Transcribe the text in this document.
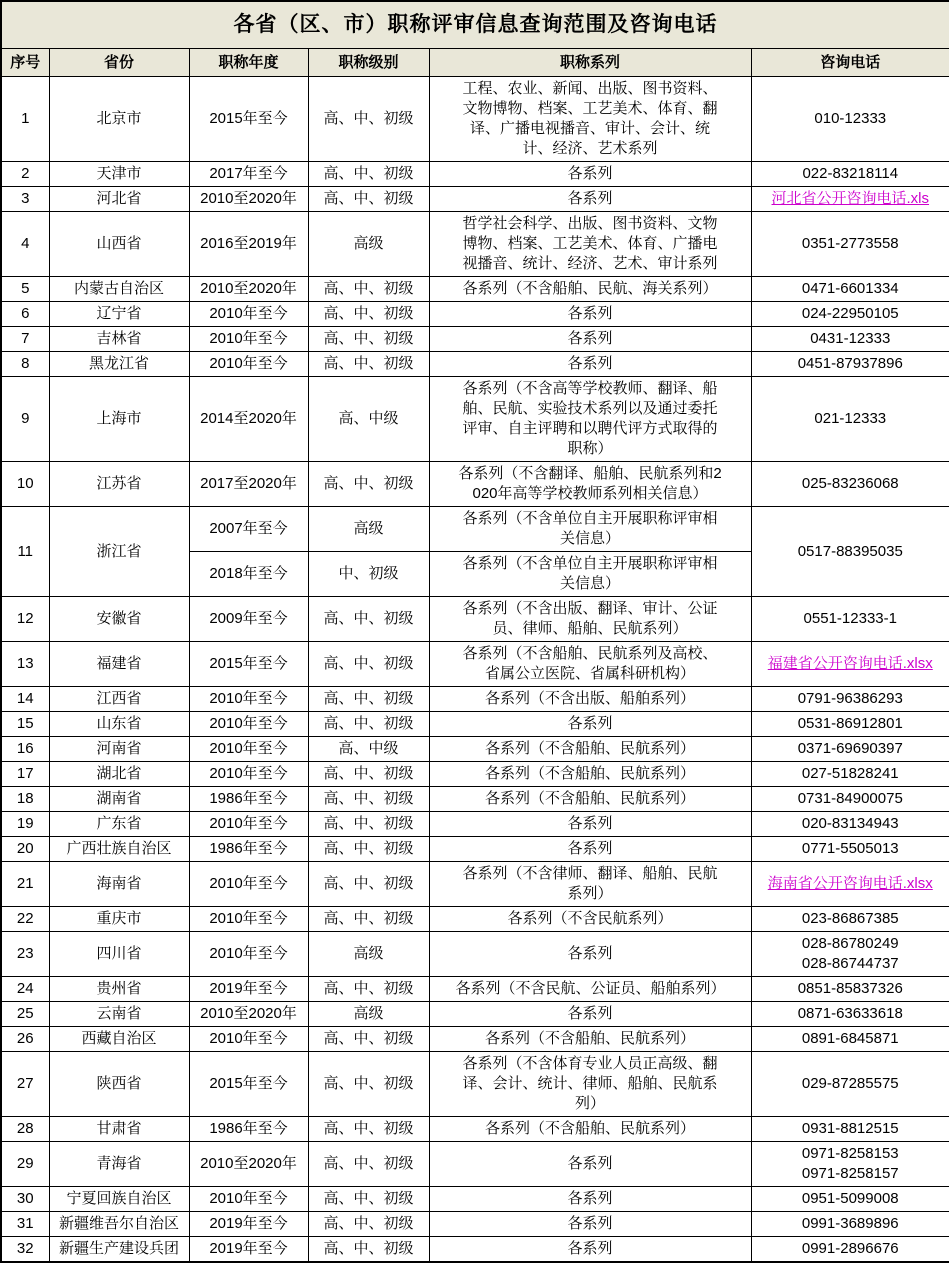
各省（区、市）职称评审信息查询范围及咨询电话					
序号	省份	职称年度	职称级别	职称系列	咨询电话
1	北京市	2015年至今	高、中、初级	工程、农业、新闻、出版、图书资料、文物博物、档案、工艺美术、体育、翻译、广播电视播音、审计、会计、统计、经济、艺术系列	010-12333

2	天津市	2017年至今	高、中、初级	各系列	022-83218114

3	河北省	2010至2020年	高、中、初级	各系列	河北省公开咨询电话.xls
4	山西省	2016至2019年	高级	哲学社会科学、出版、图书资料、文物博物、档案、工艺美术、体育、广播电视播音、统计、经济、艺术、审计系列	0351-2773558

5	内蒙古自治区	2010至2020年	高、中、初级	各系列（不含船舶、民航、海关系列）	0471-6601334

6	辽宁省	2010年至今	高、中、初级	各系列	024-22950105

7	吉林省	2010年至今	高、中、初级	各系列	0431-12333

8	黑龙江省	2010年至今	高、中、初级	各系列	0451-87937896

9	上海市	2014至2020年	高、中级	各系列（不含高等学校教师、翻译、船舶、民航、实验技术系列以及通过委托评审、自主评聘和以聘代评方式取得的职称）	021-12333

10	江苏省	2017至2020年	高、中、初级	各系列（不含翻译、船舶、民航系列和2020年高等学校教师系列相关信息）	025-83236068

11	浙江省	2007年至今	高级	各系列（不含单位自主开展职称评审相关信息）	0517-88395035

		2018年至今	中、初级	各系列（不含单位自主开展职称评审相关信息）	
12	安徽省	2009年至今	高、中、初级	各系列（不含出版、翻译、审计、公证员、律师、船舶、民航系列）	0551-12333-1

13	福建省	2015年至今	高、中、初级	各系列（不含船舶、民航系列及高校、省属公立医院、省属科研机构）	福建省公开咨询电话.xlsx
14	江西省	2010年至今	高、中、初级	各系列（不含出版、船舶系列）	0791-96386293

15	山东省	2010年至今	高、中、初级	各系列	0531-86912801

16	河南省	2010年至今	高、中级	各系列（不含船舶、民航系列）	0371-69690397

17	湖北省	2010年至今	高、中、初级	各系列（不含船舶、民航系列）	027-51828241

18	湖南省	1986年至今	高、中、初级	各系列（不含船舶、民航系列）	0731-84900075

19	广东省	2010年至今	高、中、初级	各系列	020-83134943

20	广西壮族自治区	1986年至今	高、中、初级	各系列	0771-5505013

21	海南省	2010年至今	高、中、初级	各系列（不含律师、翻译、船舶、民航系列）	海南省公开咨询电话.xlsx
22	重庆市	2010年至今	高、中、初级	各系列（不含民航系列）	023-86867385

23	四川省	2010年至今	高级	各系列	028-86780249
028-86744737

24	贵州省	2019年至今	高、中、初级	各系列（不含民航、公证员、船舶系列）	0851-85837326

25	云南省	2010至2020年	高级	各系列	0871-63633618

26	西藏自治区	2010年至今	高、中、初级	各系列（不含船舶、民航系列）	0891-6845871

27	陕西省	2015年至今	高、中、初级	各系列（不含体育专业人员正高级、翻译、会计、统计、律师、船舶、民航系列）	029-87285575

28	甘肃省	1986年至今	高、中、初级	各系列（不含船舶、民航系列）	0931-8812515

29	青海省	2010至2020年	高、中、初级	各系列	0971-8258153
0971-8258157

30	宁夏回族自治区	2010年至今	高、中、初级	各系列	0951-5099008

31	新疆维吾尔自治区	2019年至今	高、中、初级	各系列	0991-3689896

32	新疆生产建设兵团	2019年至今	高、中、初级	各系列	0991-2896676
